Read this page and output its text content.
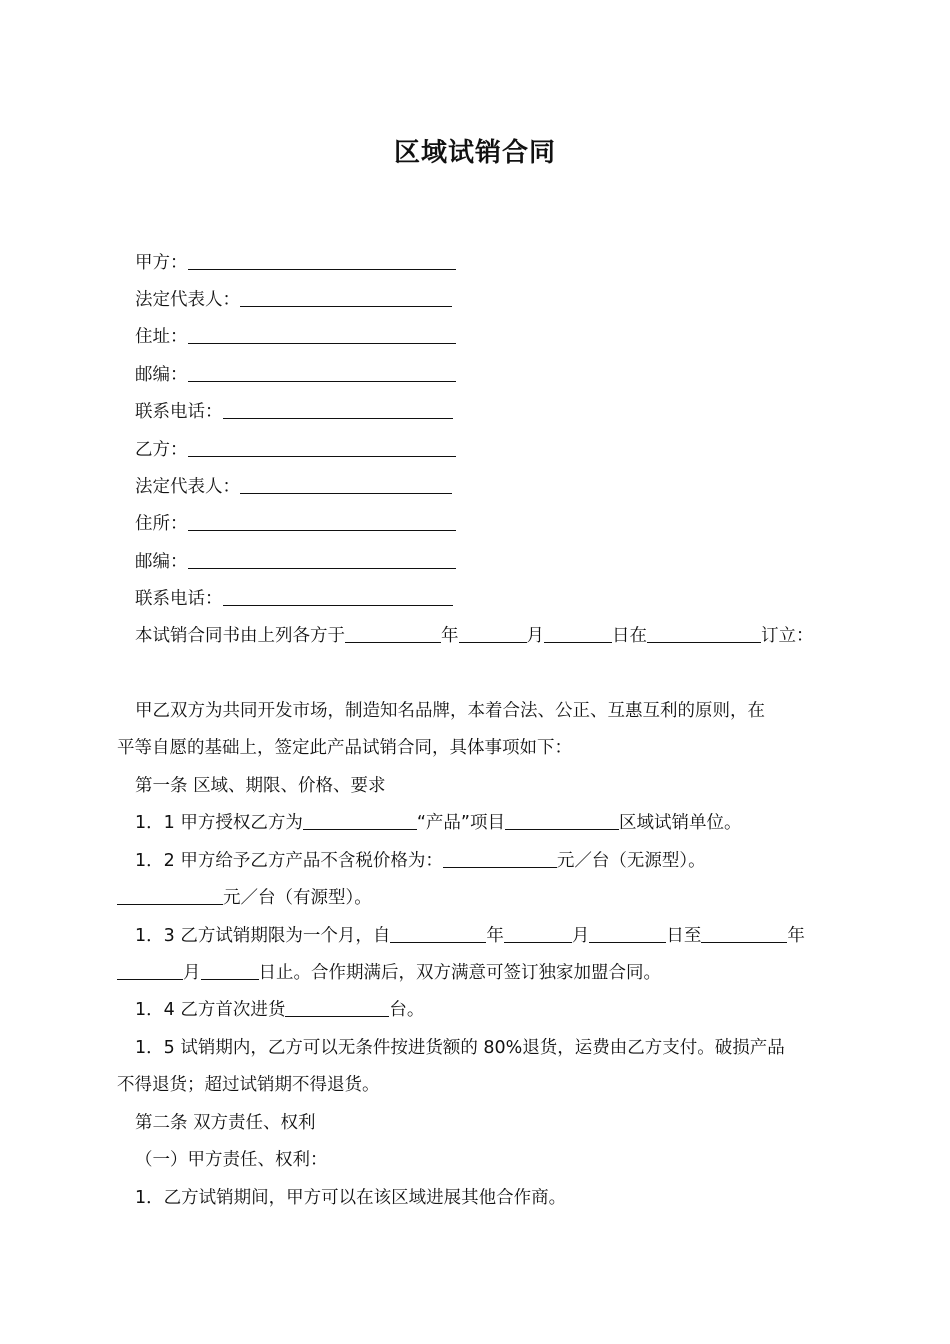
区域试销合同
甲方：
法定代表人：
住址：
邮编：
联系电话：
乙方：
法定代表人：
住所：
邮编：
联系电话：
本试销合同书由上列各方于	年	月	日在	订立：
甲乙双方为共同开发市场，制造知名品牌，本着合法、公正、互惠互利的原则，在
平等自愿的基础上，签定此产品试销合同，具体事项如下：
第一条 区域、期限、价格、要求
1．1 甲方授权乙方为	“产品”项目	区域试销单位。
1．2 甲方给予乙方产品不含税价格为：	元／台（无源型）。
元／台（有源型）。
1．3 乙方试销期限为一个月，自	年	月	日至	年
月	日止。合作期满后，双方满意可签订独家加盟合同。
1．4 乙方首次进货	台。
1．5 试销期内，乙方可以无条件按进货额的 80%退货，运费由乙方支付。破损产品
不得退货；超过试销期不得退货。
第二条 双方责任、权利
（一）甲方责任、权利：
1．乙方试销期间，甲方可以在该区域进展其他合作商。
